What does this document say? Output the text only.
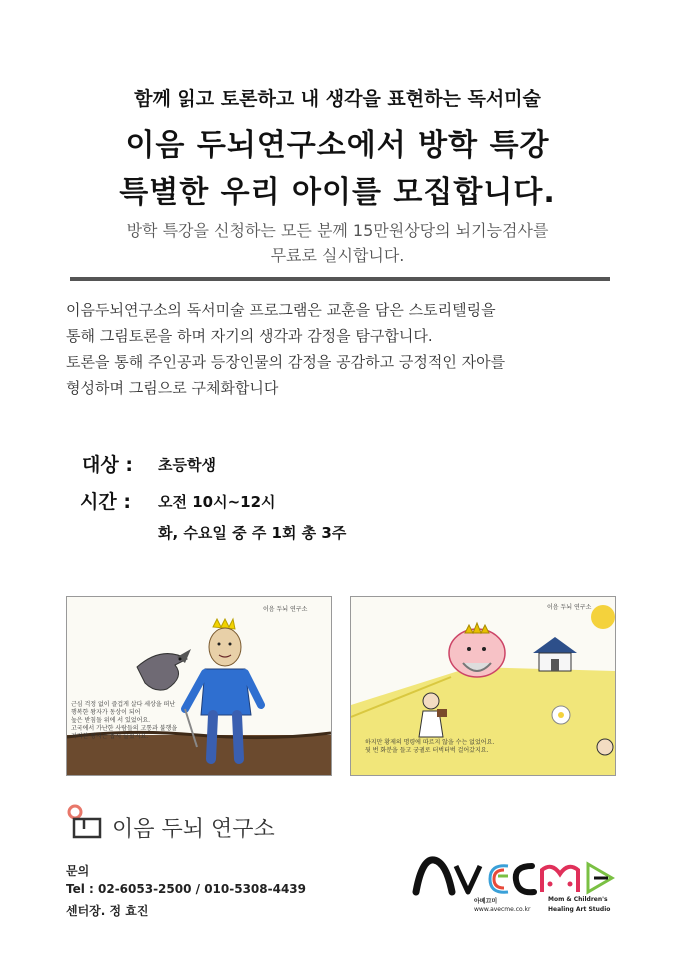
함께 읽고 토론하고 내 생각을 표현하는 독서미술
이음 두뇌연구소에서 방학 특강
특별한 우리 아이를 모집합니다.
방학 특강을 신청하는 모든 분께 15만원상당의 뇌기능검사를
무료로 실시합니다.
이음두뇌연구소의 독서미술 프로그램은 교훈을 담은 스토리텔링을
통해 그림토론을 하며 자기의 생각과 감정을 탐구합니다.
토론을 통해 주인공과 등장인물의 감정을 공감하고 긍정적인 자아를
형성하며 그림으로 구체화합니다
대상 : 초등학생
시간 : 오전 10시~12시
화, 수요일 중 주 1회 총 3주
이음 두뇌 연구소
근심 걱정 없이 즐겁게 살다 세상을 떠난
행복한 왕자가 동상이 되어
높은 받침돌 위에 서 있었어요.
고국에서 가난한 사람들의 고통과 불행을
지켜본 왕자는 몹시 슬펐지요.
이음 두뇌 연구소
하지만 황제의 명령에 따르지 않을 수는 없었어요.
뒷 번 화분을 들고 궁궐로 터벅터벅 걸어갔지요.
이음 두뇌 연구소
문의
Tel : 02-6053-2500 / 010-5308-4439
센터장. 정 효진
아베끄미
www.avecme.co.kr
Mom & Children's
Healing Art Studio
